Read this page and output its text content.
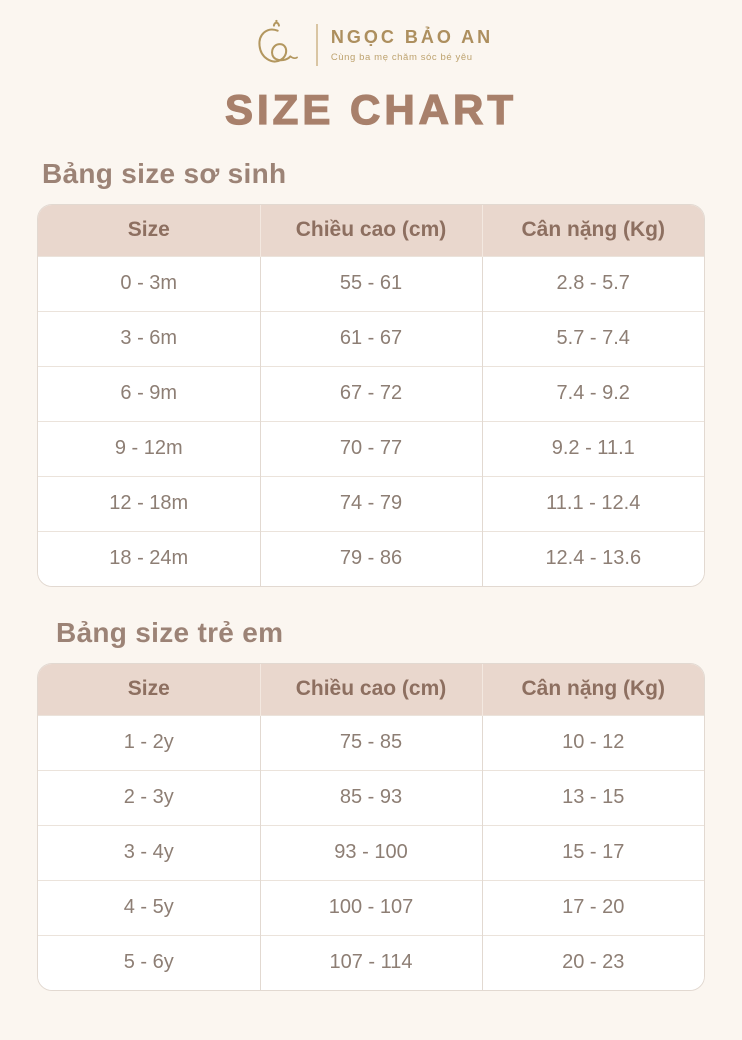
NGỌC BẢO AN
Cùng ba mẹ chăm sóc bé yêu
SIZE CHART
Bảng size sơ sinh
Size	Chiều cao (cm)	Cân nặng (Kg)
0 - 3m	55 - 61	2.8 - 5.7
3 - 6m	61 - 67	5.7 - 7.4
6 - 9m	67 - 72	7.4 - 9.2
9 - 12m	70 - 77	9.2 - 11.1
12 - 18m	74 - 79	11.1 - 12.4
18 - 24m	79 - 86	12.4 - 13.6
Bảng size trẻ em
Size	Chiều cao (cm)	Cân nặng (Kg)
1 - 2y	75 - 85	10 - 12
2 - 3y	85 - 93	13 - 15
3 - 4y	93 - 100	15 - 17
4 - 5y	100 - 107	17 - 20
5 - 6y	107 - 114	20 - 23
